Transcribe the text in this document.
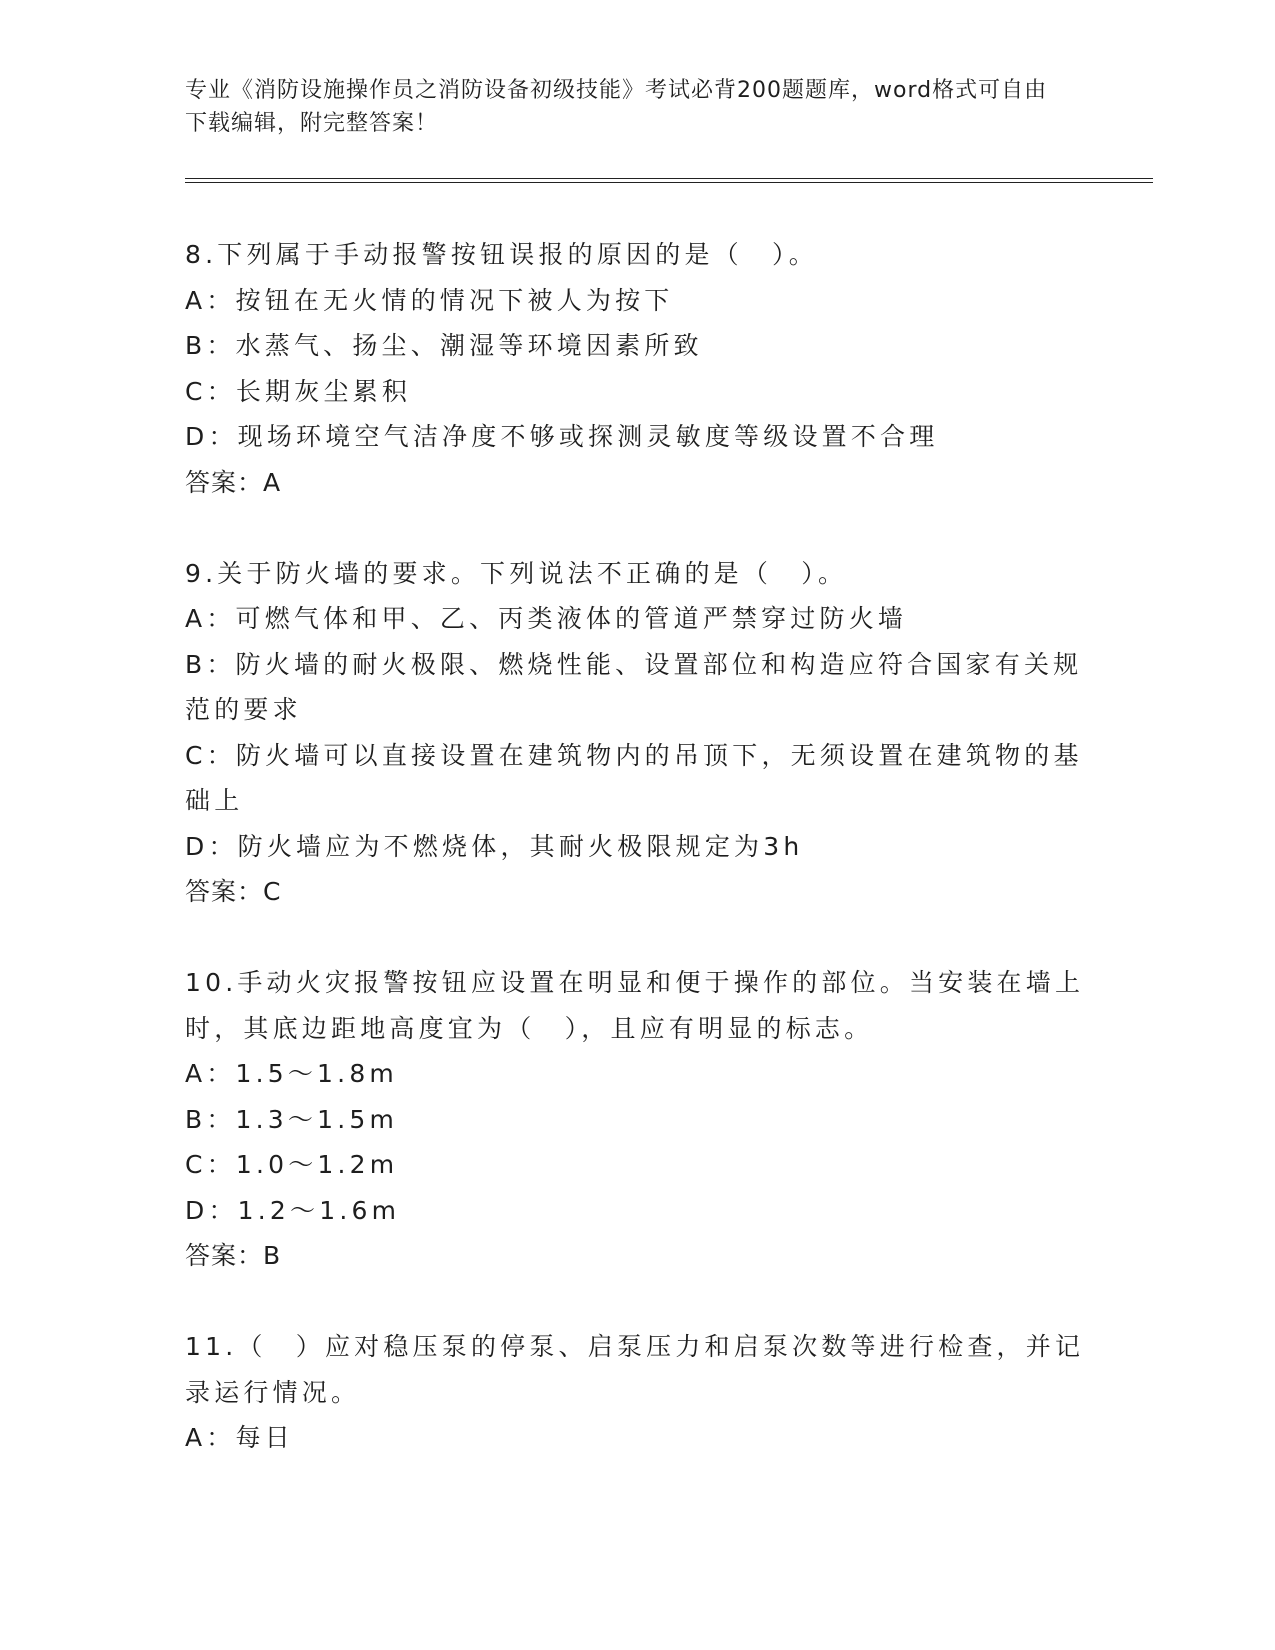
专业《消防设施操作员之消防设备初级技能》考试必背200题题库，word格式可自由下载编辑，附完整答案！

8.下列属于手动报警按钮误报的原因的是（　）。

A：按钮在无火情的情况下被人为按下

B：水蒸气、扬尘、潮湿等环境因素所致

C：长期灰尘累积

D：现场环境空气洁净度不够或探测灵敏度等级设置不合理

答案：A

9.关于防火墙的要求。下列说法不正确的是（　）。

A：可燃气体和甲、乙、丙类液体的管道严禁穿过防火墙

B：防火墙的耐火极限、燃烧性能、设置部位和构造应符合国家有关规范的要求

C：防火墙可以直接设置在建筑物内的吊顶下，无须设置在建筑物的基础上

D：防火墙应为不燃烧体，其耐火极限规定为3h

答案：C

10.手动火灾报警按钮应设置在明显和便于操作的部位。当安装在墙上时，其底边距地高度宜为（　），且应有明显的标志。

A：1.5～1.8m

B：1.3～1.5m

C：1.0～1.2m

D：1.2～1.6m

答案：B

11.（　）应对稳压泵的停泵、启泵压力和启泵次数等进行检查，并记录运行情况。

A：每日
